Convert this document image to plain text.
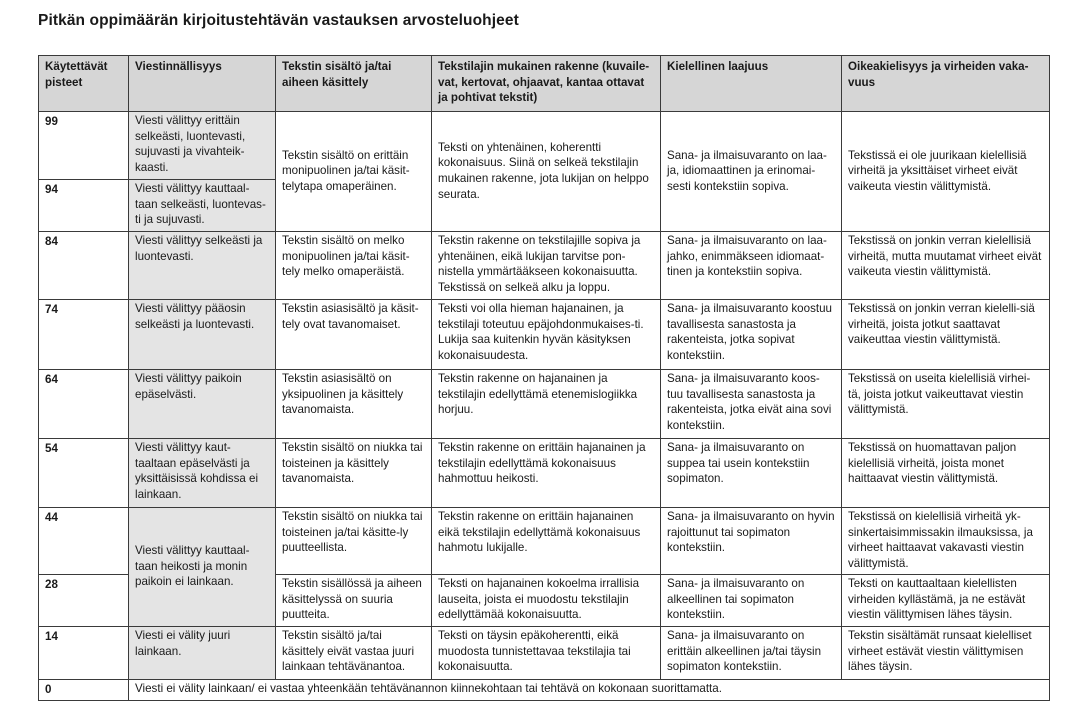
Pitkän oppimäärän kirjoitustehtävän vastauksen arvosteluohjeet
Käytettävät pisteet	Viestinnällisyys	Tekstin sisältö ja/tai aiheen käsittely	Tekstilajin mukainen rakenne (kuvaile-vat, kertovat, ohjaavat, kantaa ottavat ja pohtivat tekstit)	Kielellinen laajuus	Oikeakielisyys ja virheiden vaka-vuus

99	Viesti välittyy erittäin selkeästi, luontevasti, sujuvasti ja vivahteik-kaasti.	Tekstin sisältö on erittäin monipuolinen ja/tai käsit-telytapa omaperäinen.	Teksti on yhtenäinen, koherentti kokonaisuus. Siinä on selkeä tekstilajin mukainen rakenne, jota lukijan on helppo seurata.	Sana- ja ilmaisuvaranto on laa-ja, idiomaattinen ja erinomai-sesti kontekstiin sopiva.	Tekstissä ei ole juurikaan kielellisiä virheitä ja yksittäiset virheet eivät vaikeuta viestin välittymistä.

94	Viesti välittyy kauttaal-taan selkeästi, luontevas-ti ja sujuvasti.				

84	Viesti välittyy selkeästi ja luontevasti.	Tekstin sisältö on melko monipuolinen ja/tai käsit-tely melko omaperäistä.	Tekstin rakenne on tekstilajille sopiva ja yhtenäinen, eikä lukijan tarvitse pon-nistella ymmärtääkseen kokonaisuutta. Tekstissä on selkeä alku ja loppu.	Sana- ja ilmaisuvaranto on laa-jahko, enimmäkseen idiomaat-tinen ja kontekstiin sopiva.	Tekstissä on jonkin verran kielellisiä virheitä, mutta muutamat virheet eivät vaikeuta viestin välittymistä.

74	Viesti välittyy pääosin selkeästi ja luontevasti.	Tekstin asiasisältö ja käsit-tely ovat tavanomaiset.	Teksti voi olla hieman hajanainen, ja tekstilaji toteutuu epäjohdonmukaises-ti. Lukija saa kuitenkin hyvän käsityksen kokonaisuudesta.	Sana- ja ilmaisuvaranto koostuu tavallisesta sanastosta ja rakenteista, jotka sopivat kontekstiin.	Tekstissä on jonkin verran kielelli-siä virheitä, joista jotkut saattavat vaikeuttaa viestin välittymistä.

64	Viesti välittyy paikoin epäselvästi.	Tekstin asiasisältö on yksipuolinen ja käsittely tavanomaista.	Tekstin rakenne on hajanainen ja tekstilajin edellyttämä etenemislogiikka horjuu.	Sana- ja ilmaisuvaranto koos-tuu tavallisesta sanastosta ja rakenteista, jotka eivät aina sovi kontekstiin.	Tekstissä on useita kielellisiä virhei-tä, joista jotkut vaikeuttavat viestin välittymistä.

54	Viesti välittyy kaut-taaltaan epäselvästi ja yksittäisissä kohdissa ei lainkaan.	Tekstin sisältö on niukka tai toisteinen ja käsittely tavanomaista.	Tekstin rakenne on erittäin hajanainen ja tekstilajin edellyttämä kokonaisuus hahmottuu heikosti.	Sana- ja ilmaisuvaranto on suppea tai usein kontekstiin sopimaton.	Tekstissä on huomattavan paljon kielellisiä virheitä, joista monet haittaavat viestin välittymistä.

44	Viesti välittyy kauttaal-taan heikosti ja monin paikoin ei lainkaan.	Tekstin sisältö on niukka tai toisteinen ja/tai käsitte-ly puutteellista.	Tekstin rakenne on erittäin hajanainen eikä tekstilajin edellyttämä kokonaisuus hahmotu lukijalle.	Sana- ja ilmaisuvaranto on hyvin rajoittunut tai sopimaton kontekstiin.	Tekstissä on kielellisiä virheitä yk-sinkertaisimmissakin ilmauksissa, ja virheet haittaavat vakavasti viestin välittymistä.

28		Tekstin sisällössä ja aiheen käsittelyssä on suuria puutteita.	Teksti on hajanainen kokoelma irrallisia lauseita, joista ei muodostu tekstilajin edellyttämää kokonaisuutta.	Sana- ja ilmaisuvaranto on alkeellinen tai sopimaton kontekstiin.	Teksti on kauttaaltaan kielellisten virheiden kyllästämä, ja ne estävät viestin välittymisen lähes täysin.

14	Viesti ei välity juuri lainkaan.	Tekstin sisältö ja/tai käsittely eivät vastaa juuri lainkaan tehtävänantoa.	Teksti on täysin epäkoherentti, eikä muodosta tunnistettavaa tekstilajia tai kokonaisuutta.	Sana- ja ilmaisuvaranto on erittäin alkeellinen ja/tai täysin sopimaton kontekstiin.	Tekstin sisältämät runsaat kielelliset virheet estävät viestin välittymisen lähes täysin.

0	Viesti ei välity lainkaan/ ei vastaa yhteenkään tehtävänannon kiinnekohtaan tai tehtävä on kokonaan suorittamatta.				
